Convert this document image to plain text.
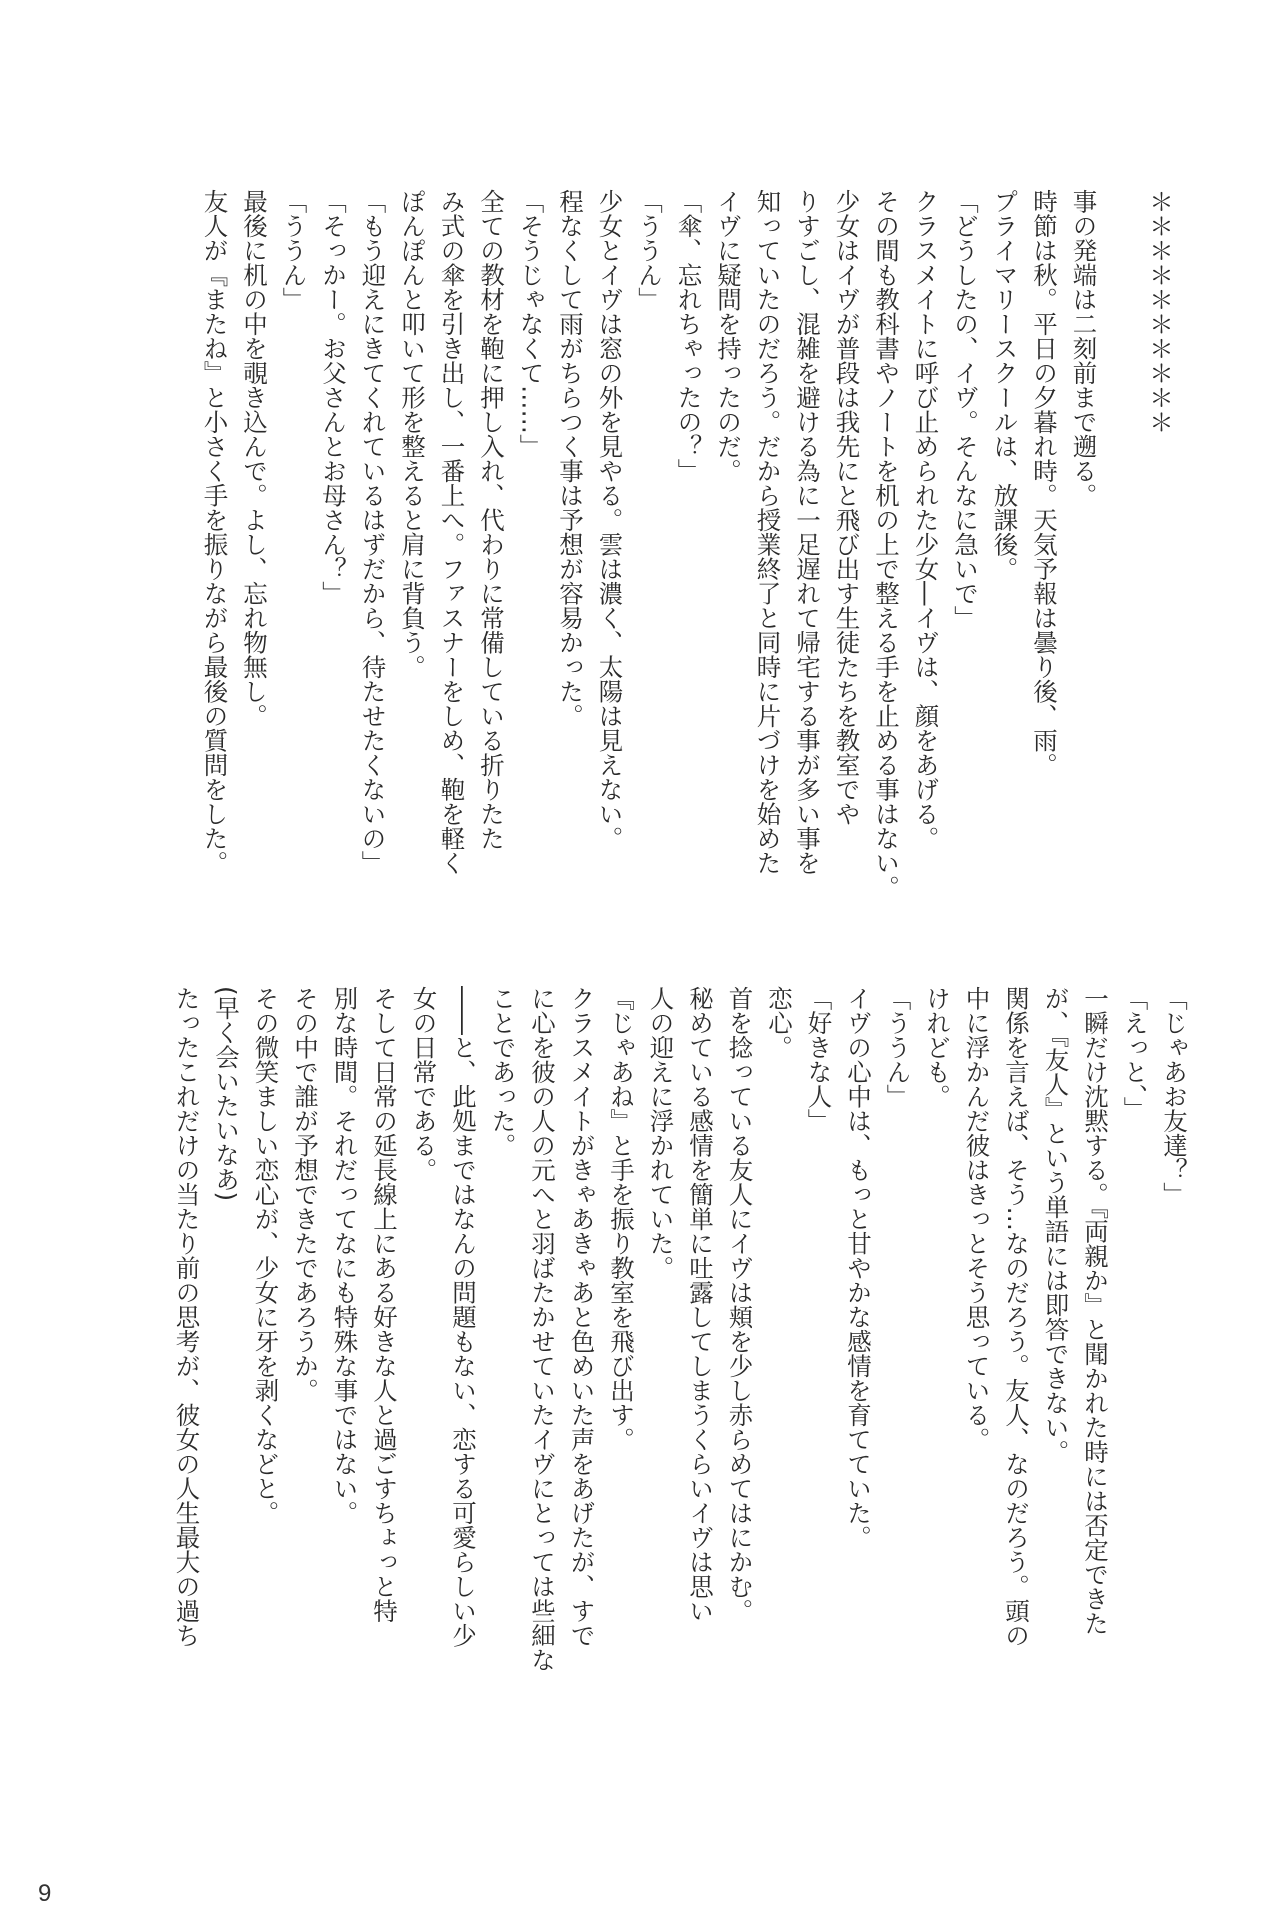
＊＊＊＊＊＊＊＊＊＊

事の発端は二刻前まで遡る。

時節は秋。平日の夕暮れ時。天気予報は曇り後、雨。

プライマリースクールは、放課後。

「どうしたの、イヴ。そんなに急いで」

クラスメイトに呼び止められた少女―イヴは、顔をあげる。

その間も教科書やノートを机の上で整える手を止める事はない。

少女はイヴが普段は我先にと飛び出す生徒たちを教室でや

りすごし、混雑を避ける為に一足遅れて帰宅する事が多い事を

知っていたのだろう。だから授業終了と同時に片づけを始めた

イヴに疑問を持ったのだ。

「傘、忘れちゃったの？」

「ううん」

少女とイヴは窓の外を見やる。雲は濃く、太陽は見えない。

程なくして雨がちらつく事は予想が容易かった。

「そうじゃなくて……」

全ての教材を鞄に押し入れ、代わりに常備している折りたた

み式の傘を引き出し、一番上へ。ファスナーをしめ、鞄を軽く

ぽんぽんと叩いて形を整えると肩に背負う。

「もう迎えにきてくれているはずだから、待たせたくないの」

「そっかー。お父さんとお母さん？」

「ううん」

最後に机の中を覗き込んで。よし、忘れ物無し。

友人が『またね』と小さく手を振りながら最後の質問をした。

「じゃあお友達？」

「えっと、」

一瞬だけ沈黙する。『両親か』と聞かれた時には否定できた

が、『友人』という単語には即答できない。

関係を言えば、そう…なのだろう。友人、なのだろう。頭の

中に浮かんだ彼はきっとそう思っている。

けれども。

「ううん」

イヴの心中は、もっと甘やかな感情を育てていた。

「好きな人」

恋心。

首を捻っている友人にイヴは頬を少し赤らめてはにかむ。

秘めている感情を簡単に吐露してしまうくらいイヴは思い

人の迎えに浮かれていた。

『じゃあね』と手を振り教室を飛び出す。

クラスメイトがきゃあきゃあと色めいた声をあげたが、すで

に心を彼の人の元へと羽ばたかせていたイヴにとっては些細な

ことであった。

――と、此処まではなんの問題もない、恋する可愛らしい少

女の日常である。

そして日常の延長線上にある好きな人と過ごすちょっと特

別な時間。それだってなにも特殊な事ではない。

その中で誰が予想できたであろうか。

その微笑ましい恋心が、少女に牙を剥くなどと。

(早く会いたいなあ)

たったこれだけの当たり前の思考が、彼女の人生最大の過ち

9
